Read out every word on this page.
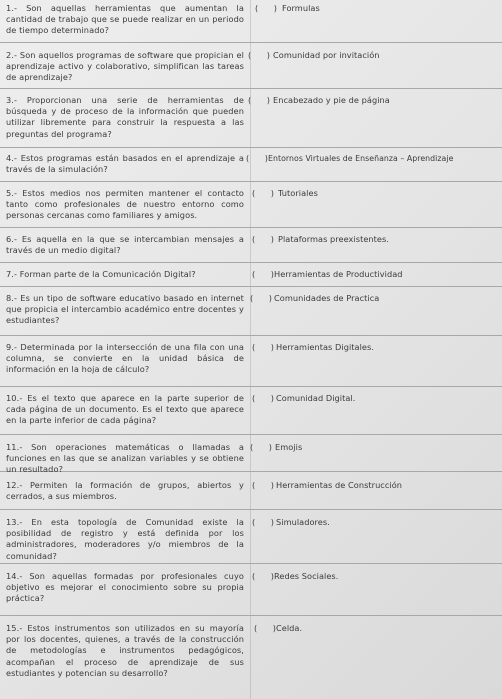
1.- Son aquellas herramientas que aumentan la cantidad de trabajo que se puede realizar en un periodo de tiempo determinado?
(      ) Formulas
2.- Son aquellos programas de software que propician el aprendizaje activo y colaborativo, simplifican las tareas de aprendizaje?
(      ) Comunidad por invitación
3.- Proporcionan una serie de herramientas de búsqueda y de proceso de la información que pueden utilizar libremente para construir la respuesta a las preguntas del programa?
(      ) Encabezado y pie de página
4.- Estos programas están basados en el aprendizaje a través de la simulación?
(      ) Entornos Virtuales de Enseñanza – Aprendizaje
5.- Estos medios nos permiten mantener el contacto tanto como profesionales de nuestro entorno como personas cercanas como familiares y amigos.
(      ) Tutoriales
6.- Es aquella en la que se intercambian mensajes a través de un medio digital?
(      ) Plataformas preexistentes.
7.- Forman parte de la Comunicación Digital?	(      ) Herramientas de Productividad
8.- Es un tipo de software educativo basado en internet que propicia el intercambio académico entre docentes y estudiantes?
(      ) Comunidades de Practica
9.- Determinada por la intersección de una fila con una columna, se convierte en la unidad básica de información en la hoja de cálculo?
(      ) Herramientas Digitales.
10.- Es el texto que aparece en la parte superior de cada página de un documento. Es el texto que aparece en la parte inferior de cada página?
(      ) Comunidad Digital.
11.- Son operaciones matemáticas o llamadas a funciones en las que se analizan variables y se obtiene un resultado?
(      ) Emojis
12.- Permiten la formación de grupos, abiertos y cerrados, a sus miembros.
(      ) Herramientas de Construcción
13.- En esta topología de Comunidad existe la posibilidad de registro y está definida por los administradores, moderadores y/o miembros de la comunidad?
(      ) Simuladores.
14.- Son aquellas formadas por profesionales cuyo objetivo es mejorar el conocimiento sobre su propia práctica?
(      ) Redes Sociales.
15.- Estos instrumentos son utilizados en su mayoría por los docentes, quienes, a través de la construcción de metodologías e instrumentos pedagógicos, acompañan el proceso de aprendizaje de sus estudiantes y potencian su desarrollo?
(      ) Celda.
